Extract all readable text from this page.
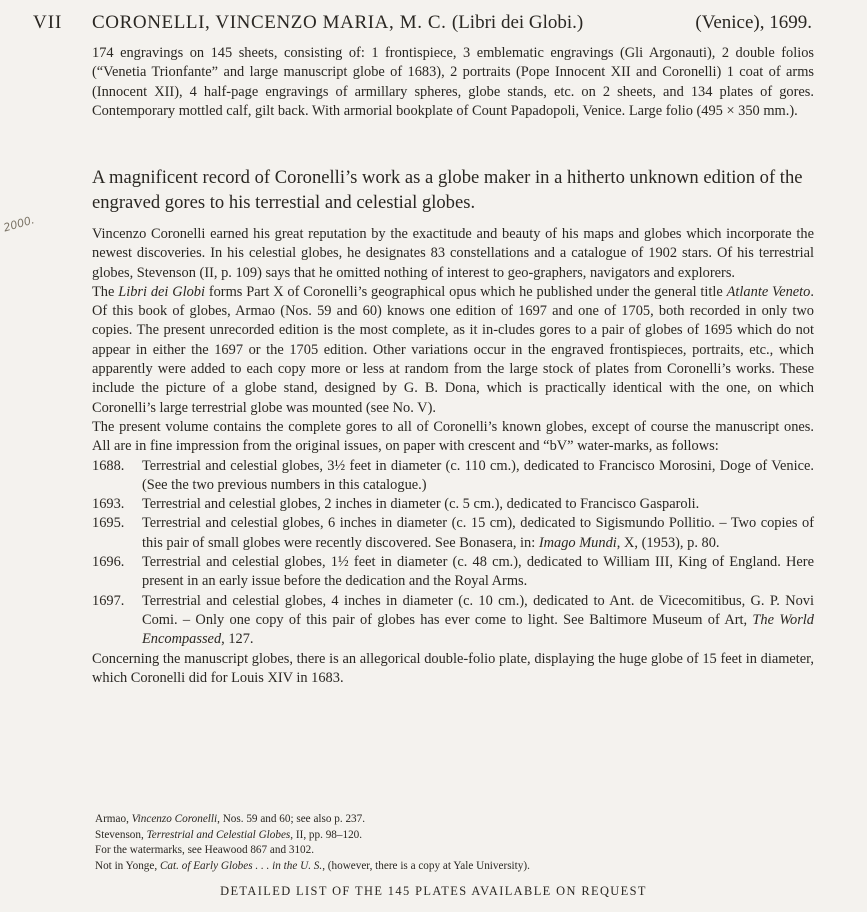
VII CORONELLI, VINCENZO MARIA, M. C. (Libri dei Globi.)	(Venice), 1699.
174 engravings on 145 sheets, consisting of: 1 frontispiece, 3 emblematic engravings (Gli Argonauti), 2 double folios (“Venetia Trionfante” and large manuscript globe of 1683), 2 portraits (Pope Innocent XII and Coronelli) 1 coat of arms (Innocent XII), 4 half-page engravings of armillary spheres, globe stands, etc. on 2 sheets, and 134 plates of gores. Contemporary mottled calf, gilt back. With armorial bookplate of Count Papadopoli, Venice. Large folio (495 × 350 mm.).
A magnificent record of Coronelli’s work as a globe maker in a hitherto unknown edition of the engraved gores to his terrestial and celestial globes.
2000.	Vincenzo Coronelli earned his great reputation by the exactitude and beauty of his maps and globes which incorporate the newest discoveries. In his celestial globes, he designates 83 constellations and a catalogue of 1902 stars. Of his terrestrial globes, Stevenson (II, p. 109) says that he omitted nothing of interest to geo-graphers, navigators and explorers.

The Libri dei Globi forms Part X of Coronelli’s geographical opus which he published under the general title Atlante Veneto. Of this book of globes, Armao (Nos. 59 and 60) knows one edition of 1697 and one of 1705, both recorded in only two copies. The present unrecorded edition is the most complete, as it in-cludes gores to a pair of globes of 1695 which do not appear in either the 1697 or the 1705 edition. Other variations occur in the engraved frontispieces, portraits, etc., which apparently were added to each copy more or less at random from the large stock of plates from Coronelli’s works. These include the picture of a globe stand, designed by G. B. Dona, which is practically identical with the one, on which Coronelli’s large terrestrial globe was mounted (see No. V).

The present volume contains the complete gores to all of Coronelli’s known globes, except of course the manuscript ones. All are in fine impression from the original issues, on paper with crescent and “bV” water-marks, as follows:

1688.	Terrestrial and celestial globes, 3½ feet in diameter (c. 110 cm.), dedicated to Francisco Morosini, Doge of Venice. (See the two previous numbers in this catalogue.)
1693.	Terrestrial and celestial globes, 2 inches in diameter (c. 5 cm.), dedicated to Francisco Gasparoli.
1695.	Terrestrial and celestial globes, 6 inches in diameter (c. 15 cm), dedicated to Sigismundo Pollitio. – Two copies of this pair of small globes were recently discovered. See Bonasera, in: Imago Mundi, X, (1953), p. 80.
1696.	Terrestrial and celestial globes, 1½ feet in diameter (c. 48 cm.), dedicated to William III, King of England. Here present in an early issue before the dedication and the Royal Arms.
1697.	Terrestrial and celestial globes, 4 inches in diameter (c. 10 cm.), dedicated to Ant. de Vicecomitibus, G. P. Novi Comi. – Only one copy of this pair of globes has ever come to light. See Baltimore Museum of Art, The World Encompassed, 127.

Concerning the manuscript globes, there is an allegorical double-folio plate, displaying the huge globe of 15 feet in diameter, which Coronelli did for Louis XIV in 1683.

Armao, Vincenzo Coronelli, Nos. 59 and 60; see also p. 237.

Stevenson, Terrestrial and Celestial Globes, II, pp. 98–120.

For the watermarks, see Heawood 867 and 3102.

Not in Yonge, Cat. of Early Globes . . . in the U. S., (however, there is a copy at Yale University).

DETAILED LIST OF THE 145 PLATES AVAILABLE ON REQUEST
